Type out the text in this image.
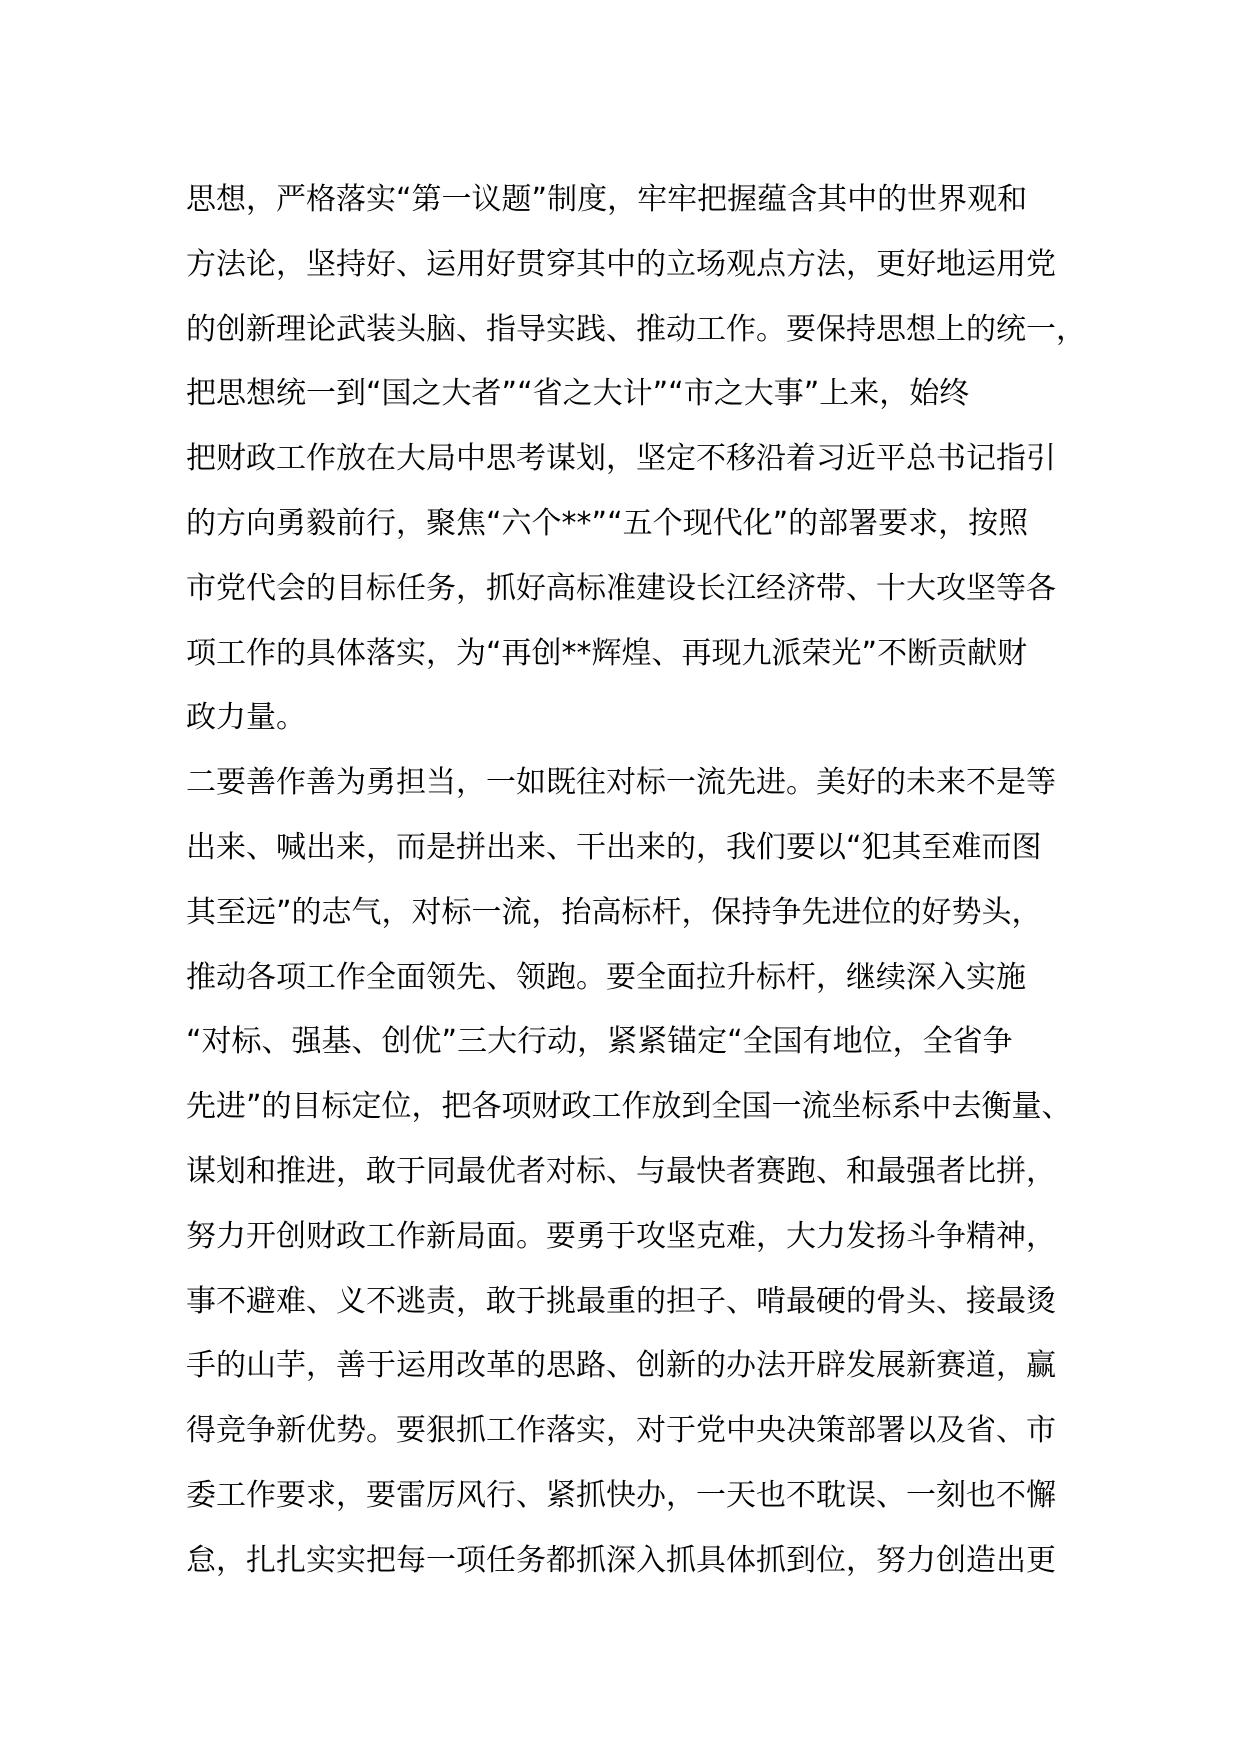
思想，严格落实“第一议题”制度，牢牢把握蕴含其中的世界观和
方法论，坚持好、运用好贯穿其中的立场观点方法，更好地运用党
的创新理论武装头脑、指导实践、推动工作。要保持思想上的统一，
把思想统一到“国之大者”“省之大计”“市之大事”上来，始终
把财政工作放在大局中思考谋划，坚定不移沿着习近平总书记指引
的方向勇毅前行，聚焦“六个**”“五个现代化”的部署要求，按照
市党代会的目标任务，抓好高标准建设长江经济带、十大攻坚等各
项工作的具体落实，为“再创**辉煌、再现九派荣光”不断贡献财
政力量。
二要善作善为勇担当，一如既往对标一流先进。美好的未来不是等
出来、喊出来，而是拼出来、干出来的，我们要以“犯其至难而图
其至远”的志气，对标一流，抬高标杆，保持争先进位的好势头，
推动各项工作全面领先、领跑。要全面拉升标杆，继续深入实施
“对标、强基、创优”三大行动，紧紧锚定“全国有地位，全省争
先进”的目标定位，把各项财政工作放到全国一流坐标系中去衡量、
谋划和推进，敢于同最优者对标、与最快者赛跑、和最强者比拼，
努力开创财政工作新局面。要勇于攻坚克难，大力发扬斗争精神，
事不避难、义不逃责，敢于挑最重的担子、啃最硬的骨头、接最烫
手的山芋，善于运用改革的思路、创新的办法开辟发展新赛道，赢
得竞争新优势。要狠抓工作落实，对于党中央决策部署以及省、市
委工作要求，要雷厉风行、紧抓快办，一天也不耽误、一刻也不懈
怠，扎扎实实把每一项任务都抓深入抓具体抓到位，努力创造出更
